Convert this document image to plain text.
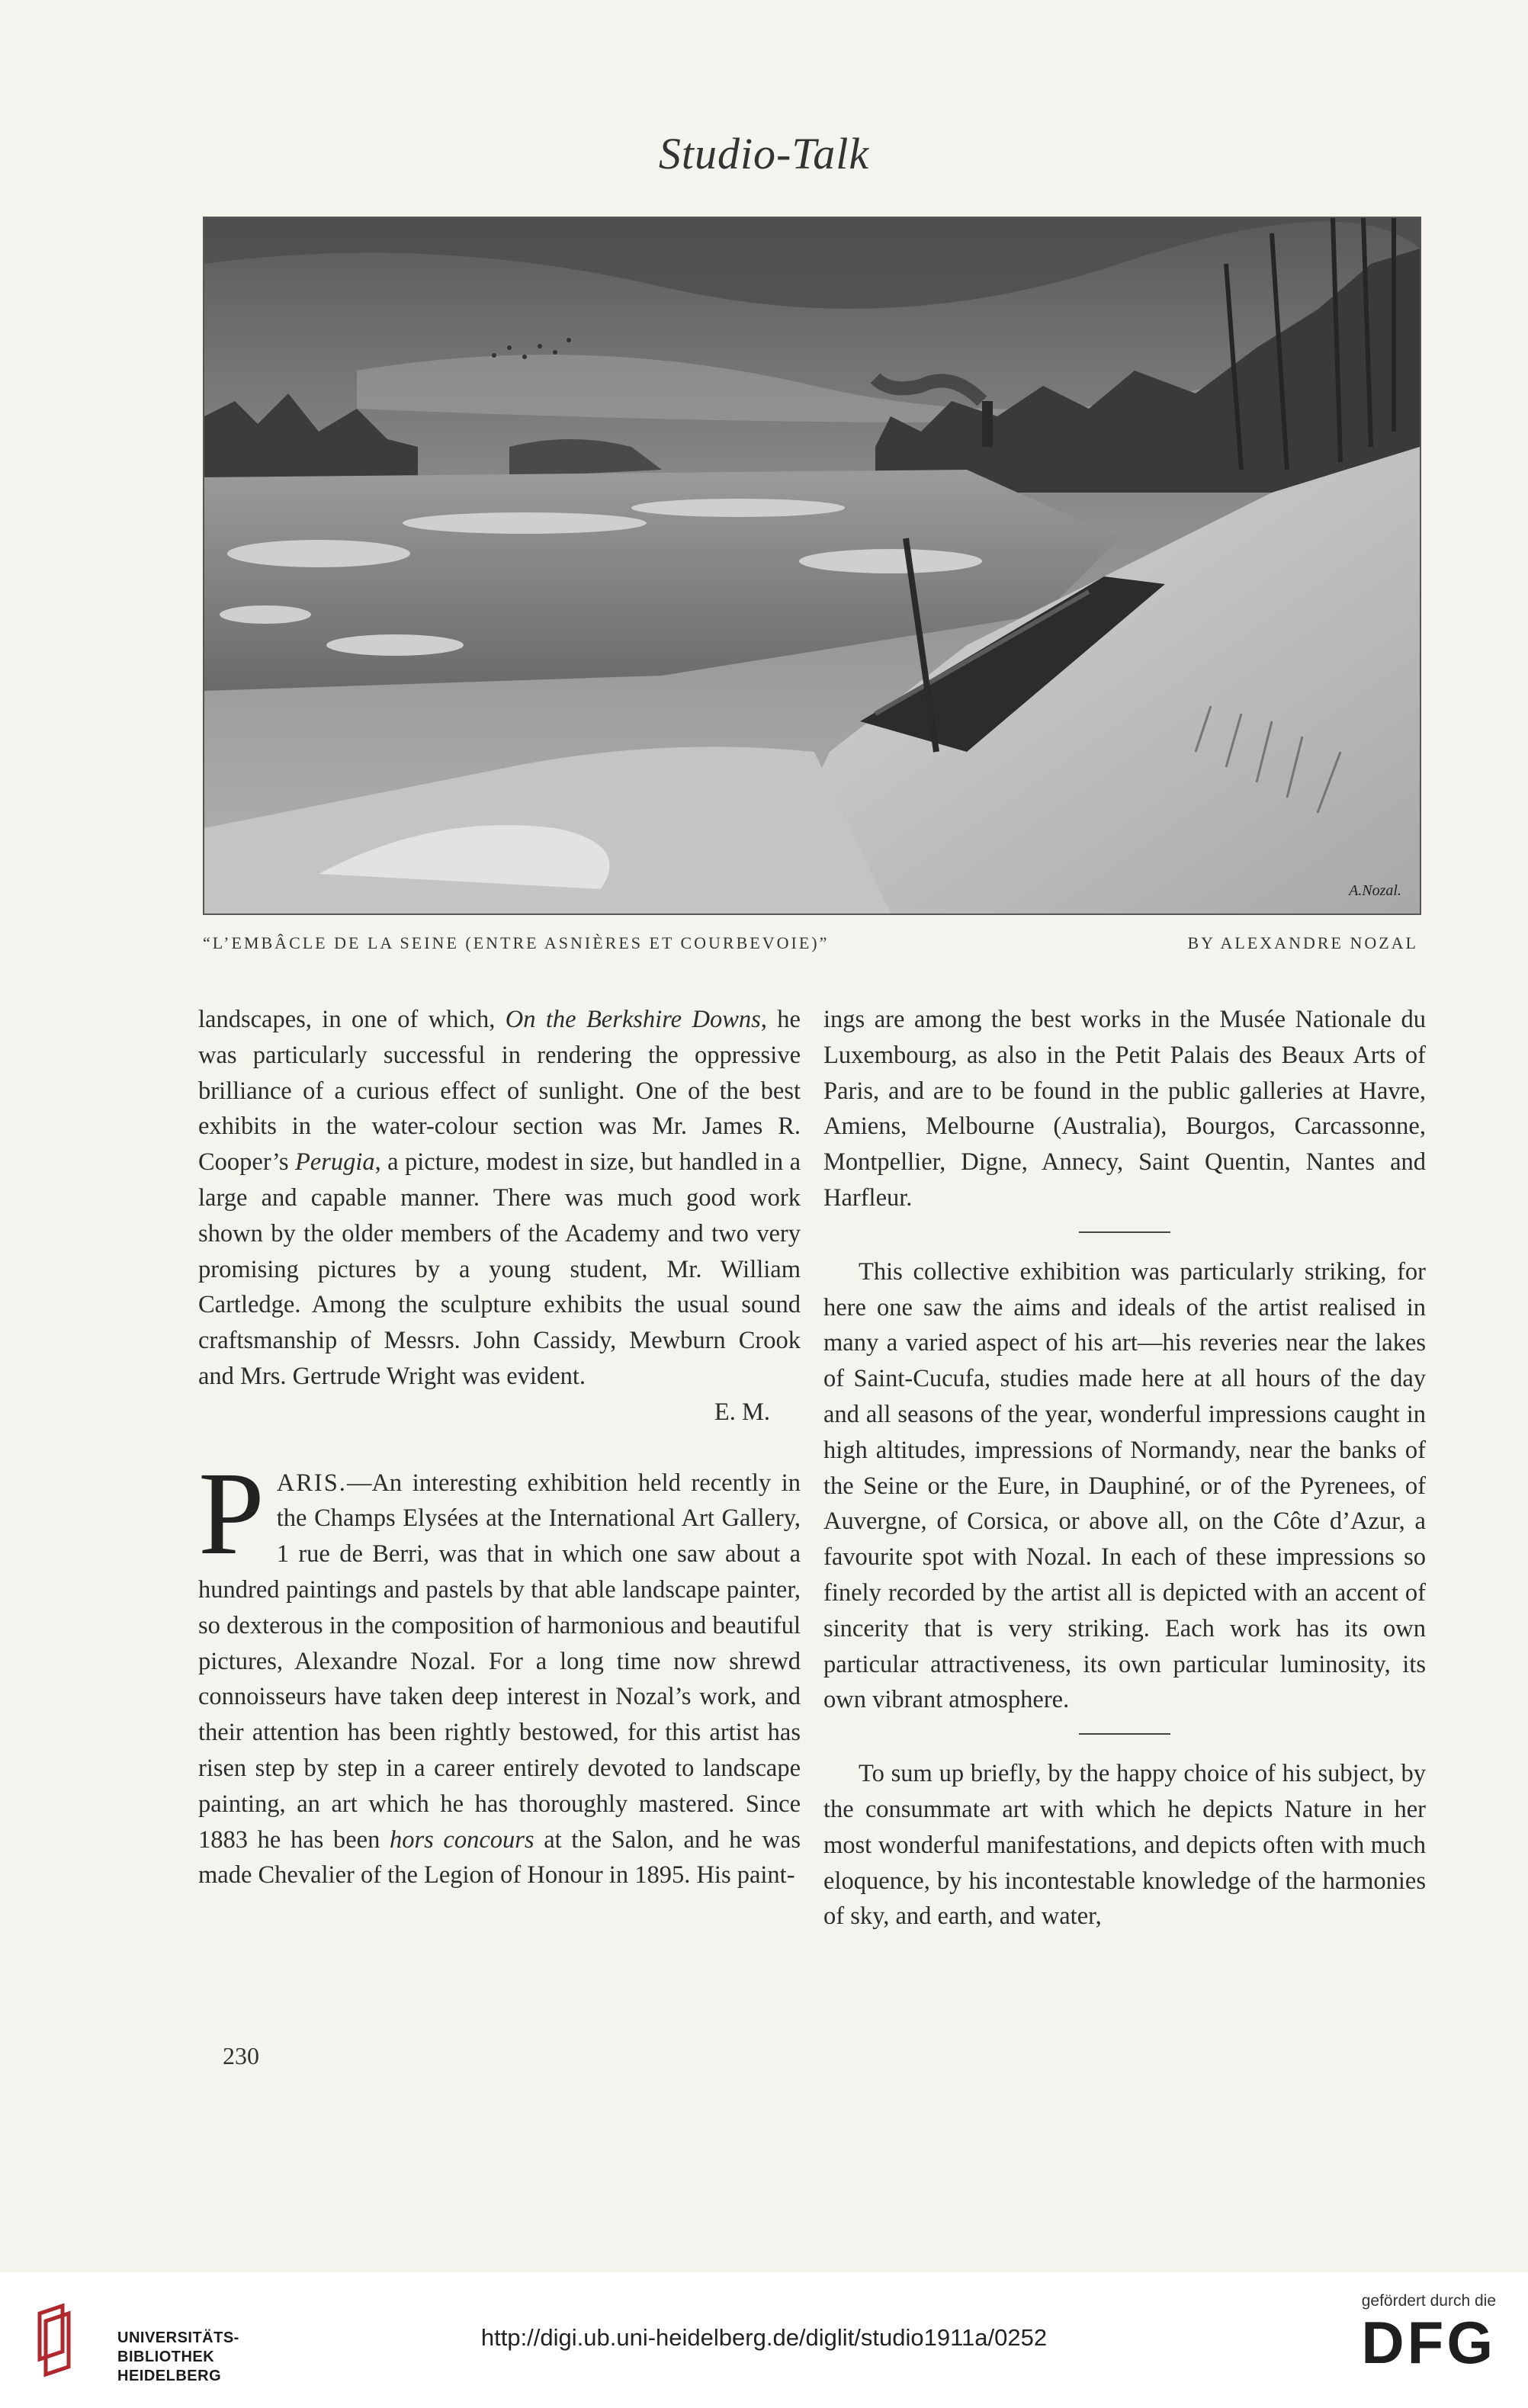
Studio-Talk
A.Nozal.
“L’EMBÂCLE DE LA SEINE (ENTRE ASNIÈRES ET COURBEVOIE)”	BY ALEXANDRE NOZAL

landscapes, in one of which, On the Berkshire Downs, he was particularly successful in rendering the oppressive brilliance of a curious effect of sunlight. One of the best exhibits in the water-colour section was Mr. James R. Cooper’s Perugia, a picture, modest in size, but handled in a large and capable manner. There was much good work shown by the older members of the Academy and two very promising pictures by a young student, Mr. William Cartledge. Among the sculpture exhibits the usual sound craftsmanship of Messrs. John Cassidy, Mewburn Crook and Mrs. Gertrude Wright was evident.

E. M.

PARIS.—An interesting exhibition held recently in the Champs Elysées at the International Art Gallery, 1 rue de Berri, was that in which one saw about a hundred paintings and pastels by that able landscape painter, so dexterous in the composition of harmonious and beautiful pictures, Alexandre Nozal. For a long time now shrewd connoisseurs have taken deep interest in Nozal’s work, and their attention has been rightly bestowed, for this artist has risen step by step in a career entirely devoted to landscape painting, an art which he has thoroughly mastered. Since 1883 he has been hors concours at the Salon, and he was made Chevalier of the Legion of Honour in 1895. His paint-

ings are among the best works in the Musée Nationale du Luxembourg, as also in the Petit Palais des Beaux Arts of Paris, and are to be found in the public galleries at Havre, Amiens, Melbourne (Australia), Bourgos, Carcassonne, Montpellier, Digne, Annecy, Saint Quentin, Nantes and Harfleur.

This collective exhibition was particularly striking, for here one saw the aims and ideals of the artist realised in many a varied aspect of his art—his reveries near the lakes of Saint-Cucufa, studies made here at all hours of the day and all seasons of the year, wonderful impressions caught in high altitudes, impressions of Normandy, near the banks of the Seine or the Eure, in Dauphiné, or of the Pyrenees, of Auvergne, of Corsica, or above all, on the Côte d’Azur, a favourite spot with Nozal. In each of these impressions so finely recorded by the artist all is depicted with an accent of sincerity that is very striking. Each work has its own particular attractiveness, its own particular luminosity, its own vibrant atmosphere.

To sum up briefly, by the happy choice of his subject, by the consummate art with which he depicts Nature in her most wonderful manifestations, and depicts often with much eloquence, by his incontestable knowledge of the harmonies of sky, and earth, and water,

230
UNIVERSITÄTS-
BIBLIOTHEK
HEIDELBERG
http://digi.ub.uni-heidelberg.de/diglit/studio1911a/0252
gefördert durch die
DFG
